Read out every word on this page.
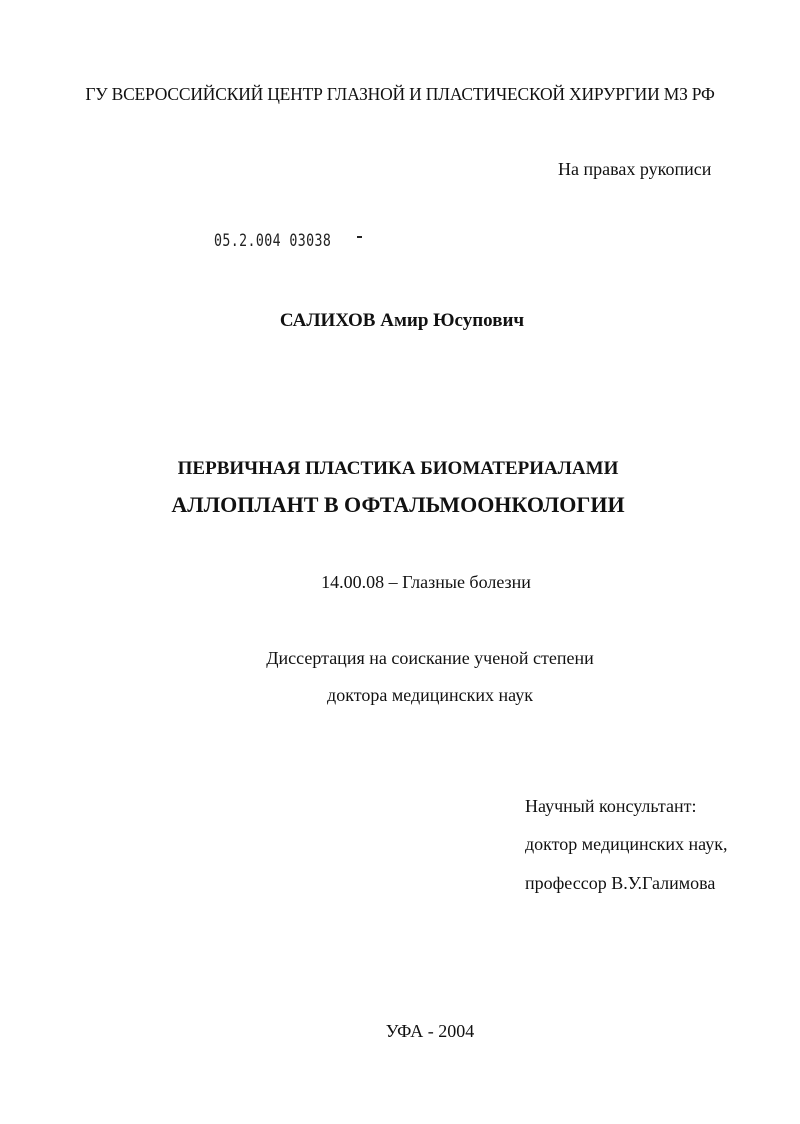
ГУ ВСЕРОССИЙСКИЙ ЦЕНТР ГЛАЗНОЙ И ПЛАСТИЧЕСКОЙ ХИРУРГИИ МЗ РФ
На правах рукописи
05.2.004 03038
САЛИХОВ Амир Юсупович
ПЕРВИЧНАЯ ПЛАСТИКА БИОМАТЕРИАЛАМИ
АЛЛОПЛАНТ В ОФТАЛЬМООНКОЛОГИИ
14.00.08 – Глазные болезни
Диссертация на соискание ученой степени
доктора медицинских наук
Научный консультант:
доктор медицинских наук,
профессор В.У.Галимова
УФА - 2004
